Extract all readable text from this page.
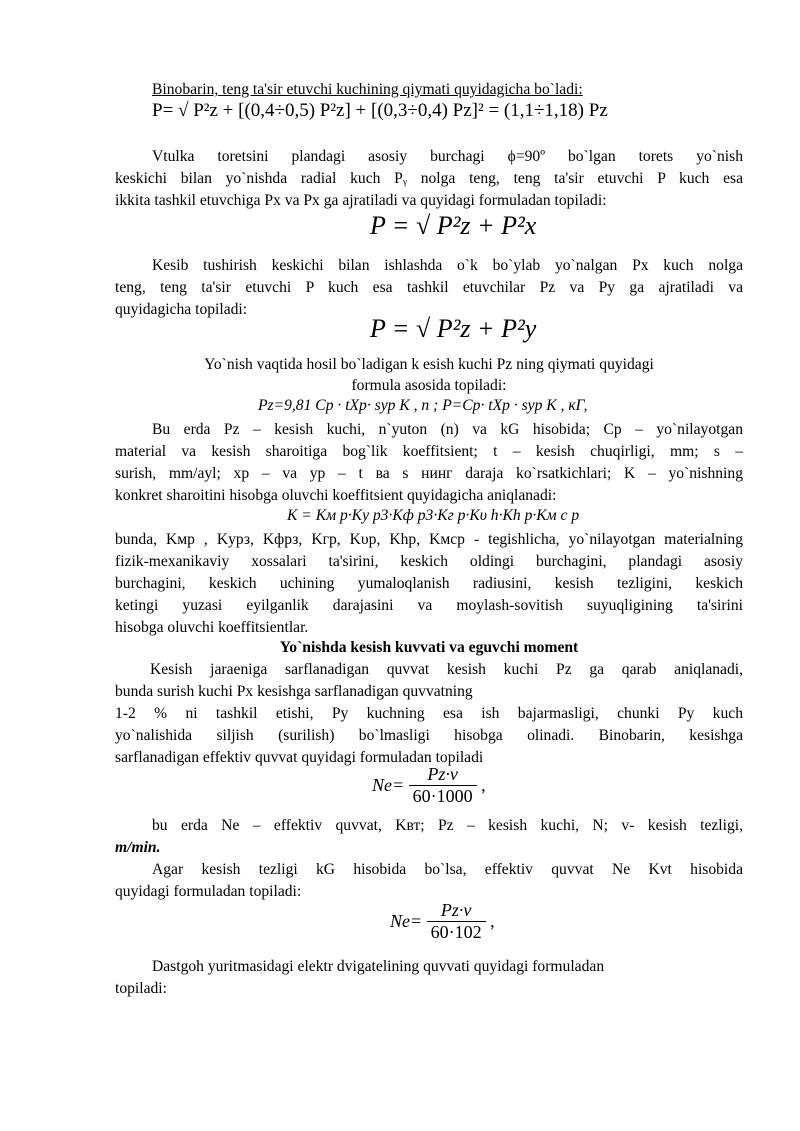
Binobarin, teng ta'sir etuvchi kuchining qiymati quyidagicha bo`ladi:
P= √ P²z + [(0,4÷0,5) P²z] + [(0,3÷0,4) Pz]² = (1,1÷1,18) Pz
Vtulka toretsini plandagi asosiy burchagi ϕ=90º bo`lgan torets yo`nish
keskichi bilan yo`nishda radial kuch Pᵧ nolga teng, teng ta'sir etuvchi P kuch esa
ikkita tashkil etuvchiga Px va Px ga ajratiladi va quyidagi formuladan topiladi:
P = √ P²z + P²x
Kesib tushirish keskichi bilan ishlashda o`k bo`ylab yo`nalgan Px kuch nolga
teng, teng ta'sir etuvchi P kuch esa tashkil etuvchilar Pz va Py ga ajratiladi va
quyidagicha topiladi:
P = √ P²z + P²y
Yo`nish vaqtida hosil bo`ladigan k esish kuchi Pz ning qiymati quyidagi
formula asosida topiladi:
Pz=9,81 Cp · tXp· syp K , n ; P=Cp· tXp · syp K , кГ,
Bu erda Pz – kesish kuchi, n`yuton (n) va kG hisobida; Cp – yo`nilayotgan
material va kesish sharoitiga bog`lik koeffitsient; t – kesish chuqirligi, mm; s –
surish, mm/ayl; xp – va yp – t ва s нинг daraja ko`rsatkichlari; K – yo`nishning
konkret sharoitini hisobga oluvchi koeffitsient quyidagicha aniqlanadi:
K = Kм p·Kу p3·Kф p3·Kг p·Kυ h·Kh p·Kм c p
bunda, Kмр , Kурз, Kфрз, Kгр, Kυр, Khp, Kмср - tegishlicha, yo`nilayotgan materialning
fizik-mexanikaviy xossalari ta'sirini, keskich oldingi burchagini, plandagi asosiy
burchagini, keskich uchining yumaloqlanish radiusini, kesish tezligini, keskich
ketingi yuzasi eyilganlik darajasini va moylash-sovitish suyuqligining ta'sirini
hisobga oluvchi koeffitsientlar.
Yo`nishda kesish kuvvati va eguvchi moment
Kesish jaraeniga sarflanadigan quvvat kesish kuchi Pz ga qarab aniqlanadi,
bunda surish kuchi Px kesishga sarflanadigan quvvatning
1-2 % ni tashkil etishi, Py kuchning esa ish bajarmasligi, chunki Py kuch
yo`nalishida siljish (surilish) bo`lmasligi hisobga olinadi. Binobarin, kesishga
sarflanadigan effektiv quvvat quyidagi formuladan topiladi
$Ne= \frac{Pz\cdot v}{60\cdot 1000}$ ,
bu erda Ne – effektiv quvvat, Kвт; Pz – kesish kuchi, N; v- kesish tezligi,
m/min.
Agar kesish tezligi kG hisobida bo`lsa, effektiv quvvat Ne Kvt hisobida
quyidagi formuladan topiladi:
$Ne= \frac{Pz\cdot v}{60\cdot 102}$ ,
Dastgoh yuritmasidagi elektr dvigatelining quvvati quyidagi formuladan
topiladi:
